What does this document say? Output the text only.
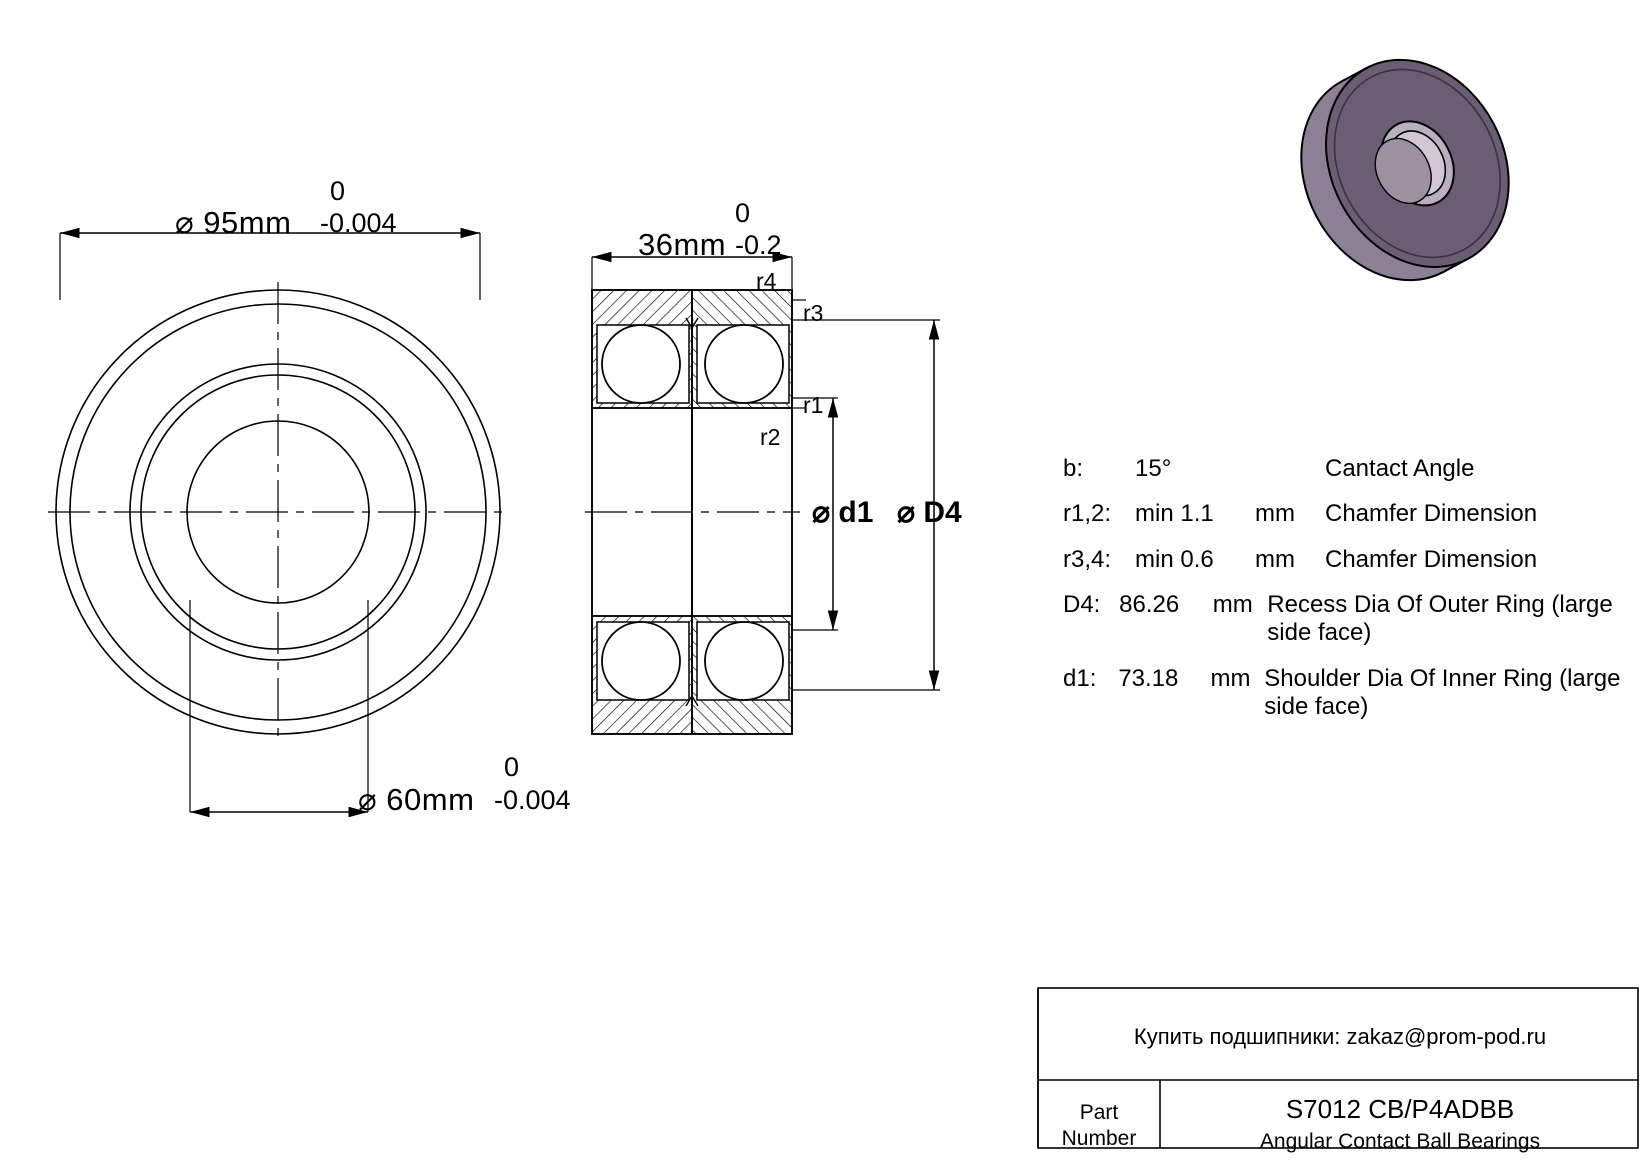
0
⌀ 95mm -0.004
0
⌀ 60mm -0.004
0
36mm -0.2
r4
r3
r1
r2
⌀ d1 ⌀ D4
b:	15°	Cantact Angle
r1,2: min 1.1	mm	Chamfer Dimension
r3,4: min 0.6	mm	Chamfer Dimension
D4: 86.26	mm Recess Dia Of Outer Ring (large side face)
d1: 73.18	mm Shoulder Dia Of Inner Ring (large side face)
Купить подшипники: zakaz@prom-pod.ru
Part Number
S7012 CB/P4ADBB
Angular Contact Ball Bearings
